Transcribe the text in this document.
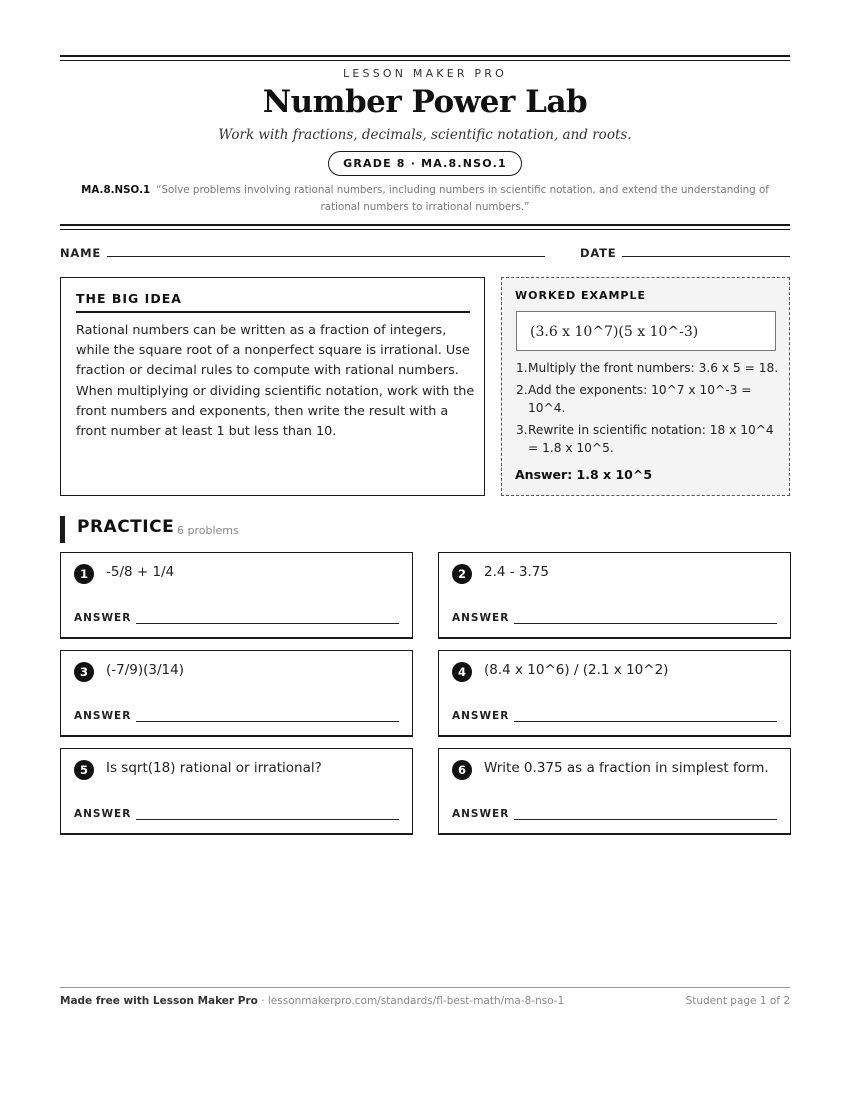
LESSON MAKER PRO
Number Power Lab
Work with fractions, decimals, scientific notation, and roots.
GRADE 8 · MA.8.NSO.1
MA.8.NSO.1 “Solve problems involving rational numbers, including numbers in scientific notation, and extend the understanding of rational numbers to irrational numbers.”
NAME	DATE
THE BIG IDEA
Rational numbers can be written as a fraction of integers, while the square root of a nonperfect square is irrational. Use fraction or decimal rules to compute with rational numbers. When multiplying or dividing scientific notation, work with the front numbers and exponents, then write the result with a front number at least 1 but less than 10.
WORKED EXAMPLE
(3.6 x 10^7)(5 x 10^-3)
1. Multiply the front numbers: 3.6 x 5 = 18.
2. Add the exponents: 10^7 x 10^-3 = 10^4.
3. Rewrite in scientific notation: 18 x 10^4 = 1.8 x 10^5.
Answer: 1.8 x 10^5
PRACTICE 6 problems
1	-5/8 + 1/4
ANSWER
2	2.4 - 3.75
ANSWER
3	(-7/9)(3/14)
ANSWER
4	(8.4 x 10^6) / (2.1 x 10^2)
ANSWER
5	Is sqrt(18) rational or irrational?
ANSWER
6	Write 0.375 as a fraction in simplest form.
ANSWER
Made free with Lesson Maker Pro · lessonmakerpro.com/standards/fl-best-math/ma-8-nso-1	Student page 1 of 2
